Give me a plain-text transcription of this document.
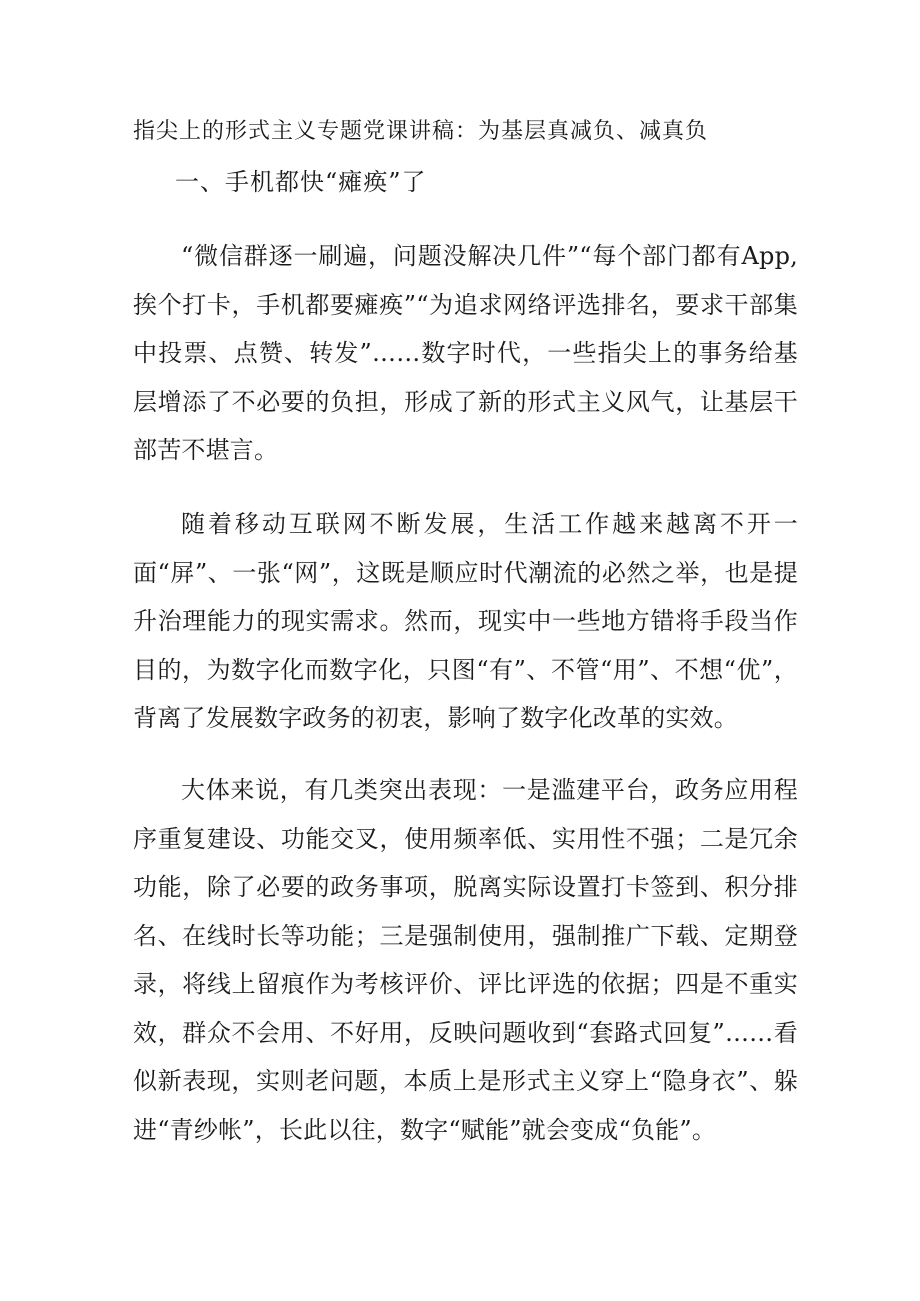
指尖上的形式主义专题党课讲稿：为基层真减负、减真负
一、手机都快“瘫痪”了

“微信群逐一刷遍，问题没解决几件”“每个部门都有App,挨个打卡，手机都要瘫痪”“为追求网络评选排名，要求干部集中投票、点赞、转发”……数字时代，一些指尖上的事务给基层增添了不必要的负担，形成了新的形式主义风气，让基层干部苦不堪言。

随着移动互联网不断发展，生活工作越来越离不开一面“屏”、一张“网”，这既是顺应时代潮流的必然之举，也是提升治理能力的现实需求。然而，现实中一些地方错将手段当作目的，为数字化而数字化，只图“有”、不管“用”、不想“优”，背离了发展数字政务的初衷，影响了数字化改革的实效。

大体来说，有几类突出表现：一是滥建平台，政务应用程序重复建设、功能交叉，使用频率低、实用性不强；二是冗余功能，除了必要的政务事项，脱离实际设置打卡签到、积分排名、在线时长等功能；三是强制使用，强制推广下载、定期登录，将线上留痕作为考核评价、评比评选的依据；四是不重实效，群众不会用、不好用，反映问题收到“套路式回复”……看似新表现，实则老问题，本质上是形式主义穿上“隐身衣”、躲进“青纱帐”，长此以往，数字“赋能”就会变成“负能”。
